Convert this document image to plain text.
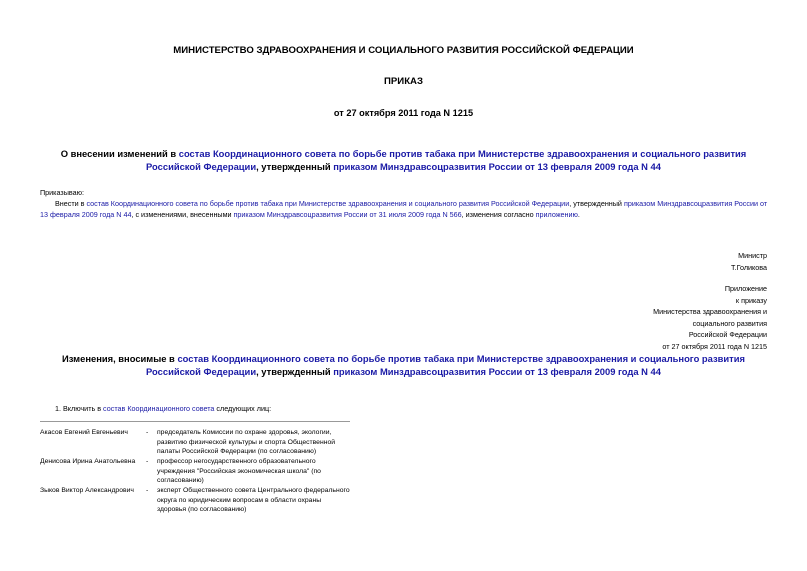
МИНИСТЕРСТВО ЗДРАВООХРАНЕНИЯ И СОЦИАЛЬНОГО РАЗВИТИЯ РОССИЙСКОЙ ФЕДЕРАЦИИ
ПРИКАЗ
от 27 октября 2011 года N 1215
О внесении изменений в состав Координационного совета по борьбе против табака при Министерстве здравоохранения и социального развития Российской Федерации, утвержденный приказом Минздравсоцразвития России от 13 февраля 2009 года N 44
Приказываю:
Внести в состав Координационного совета по борьбе против табака при Министерстве здравоохранения и социального развития Российской Федерации, утвержденный приказом Минздравсоцразвития России от 13 февраля 2009 года N 44, с изменениями, внесенными приказом Минздравсоцразвития России от 31 июля 2009 года N 566, изменения согласно приложению.
Министр
Т.Голикова
Приложение
к приказу
Министерства здравоохранения и
социального развития
Российской Федерации
от 27 октября 2011 года N 1215
Изменения, вносимые в состав Координационного совета по борьбе против табака при Министерстве здравоохранения и социального развития Российской Федерации, утвержденный приказом Минздравсоцразвития России от 13 февраля 2009 года N 44
1. Включить в состав Координационного совета следующих лиц:
Акасов Евгений Евгеньевич	-	председатель Комиссии по охране здоровья, экологии, развитию физической культуры и спорта Общественной палаты Российской Федерации (по согласованию)
Денисова Ирина Анатольевна	-	профессор негосударственного образовательного учреждения "Российская экономическая школа" (по согласованию)
Зыков Виктор Александрович	-	эксперт Общественного совета Центрального федерального округа по юридическим вопросам в области охраны здоровья (по согласованию)
